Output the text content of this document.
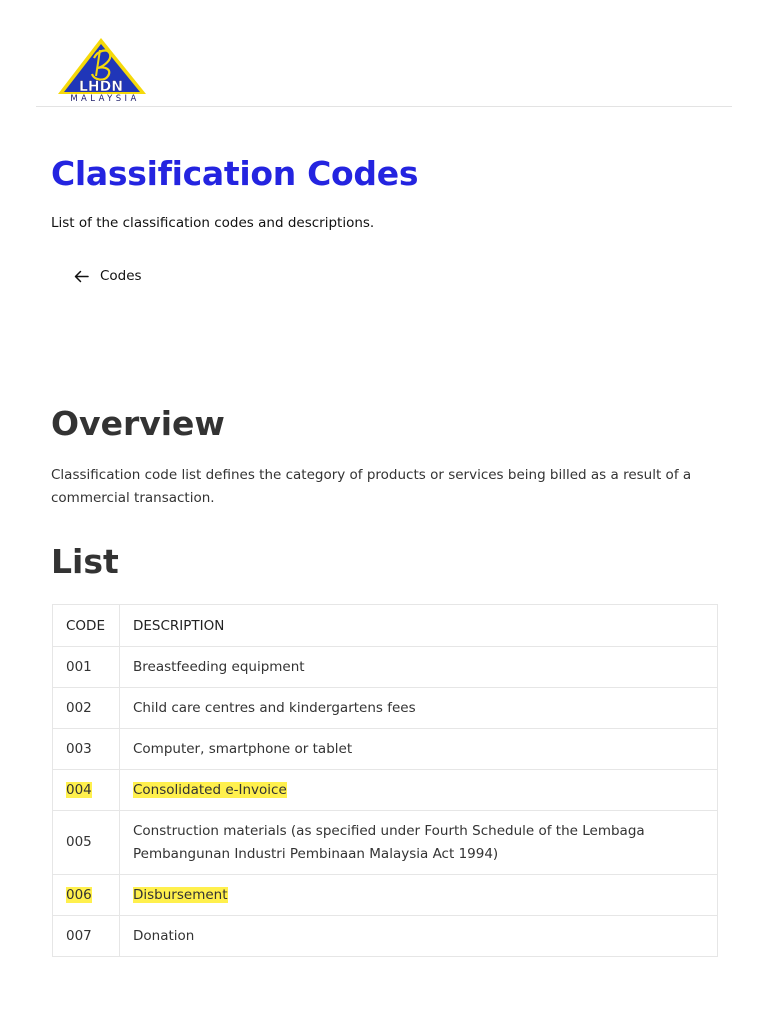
LHDN
MALAYSIA
Classification Codes

List of the classification codes and descriptions.

Codes
Overview

Classification code list defines the category of products or services being billed as a result of a commercial transaction.

List
CODE	DESCRIPTION
001	Breastfeeding equipment
002	Child care centres and kindergartens fees
003	Computer, smartphone or tablet
004	Consolidated e-Invoice
005	Construction materials (as specified under Fourth Schedule of the Lembaga Pembangunan Industri Pembinaan Malaysia Act 1994)
006	Disbursement
007	Donation
